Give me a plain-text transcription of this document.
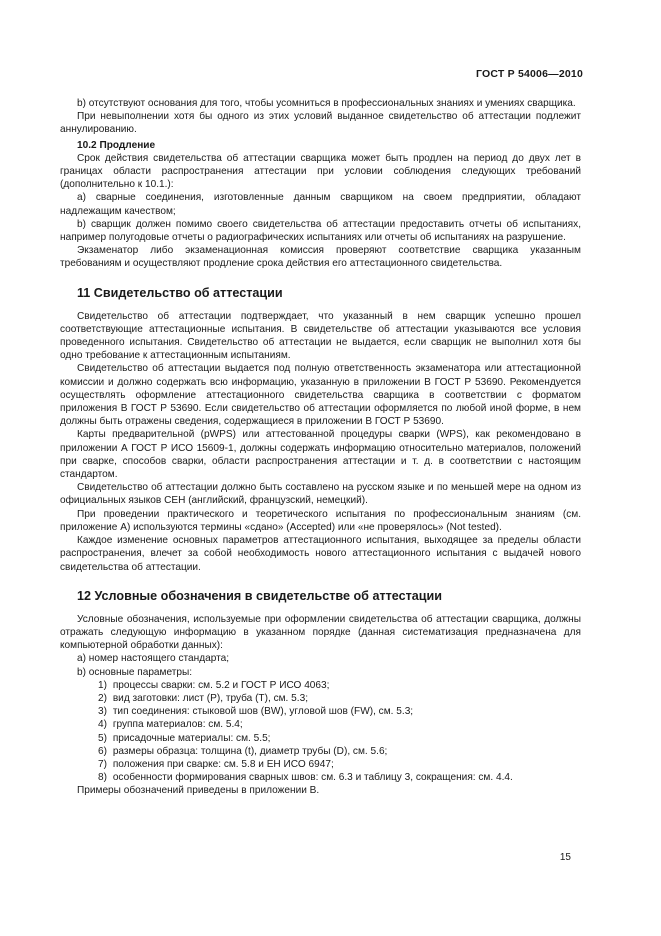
ГОСТ Р 54006—2010

b) отсутствуют основания для того, чтобы усомниться в профессиональных знаниях и умениях сварщика.

При невыполнении хотя бы одного из этих условий выданное свидетельство об аттестации подлежит аннулированию.

10.2 Продление

Срок действия свидетельства об аттестации сварщика может быть продлен на период до двух лет в границах области распространения аттестации при условии соблюдения следующих требований (дополнительно к 10.1.):

а) сварные соединения, изготовленные данным сварщиком на своем предприятии, обладают надлежащим качеством;

b) сварщик должен помимо своего свидетельства об аттестации предоставить отчеты об испытаниях, например полугодовые отчеты о радиографических испытаниях или отчеты об испытаниях на разрушение.

Экзаменатор либо экзаменационная комиссия проверяют соответствие сварщика указанным требованиям и осуществляют продление срока действия его аттестационного свидетельства.

11 Свидетельство об аттестации

Свидетельство об аттестации подтверждает, что указанный в нем сварщик успешно прошел соответствующие аттестационные испытания. В свидетельстве об аттестации указываются все условия проведенного испытания. Свидетельство об аттестации не выдается, если сварщик не выполнил хотя бы одно требование к аттестационным испытаниям.

Свидетельство об аттестации выдается под полную ответственность экзаменатора или аттестационной комиссии и должно содержать всю информацию, указанную в приложении В ГОСТ Р 53690. Рекомендуется осуществлять оформление аттестационного свидетельства сварщика в соответствии с форматом приложения В ГОСТ Р 53690. Если свидетельство об аттестации оформляется по любой иной форме, в нем должны быть отражены сведения, содержащиеся в приложении В ГОСТ Р 53690.

Карты предварительной (pWPS) или аттестованной процедуры сварки (WPS), как рекомендовано в приложении А ГОСТ Р ИСО 15609-1, должны содержать информацию относительно материалов, положений при сварке, способов сварки, области распространения аттестации и т. д. в соответствии с настоящим стандартом.

Свидетельство об аттестации должно быть составлено на русском языке и по меньшей мере на одном из официальных языков CEH (английский, французский, немецкий).

При проведении практического и теоретического испытания по профессиональным знаниям (см. приложение А) используются термины «сдано» (Accepted) или «не проверялось» (Not tested).

Каждое изменение основных параметров аттестационного испытания, выходящее за пределы области распространения, влечет за собой необходимость нового аттестационного испытания с выдачей нового свидетельства об аттестации.

12 Условные обозначения в свидетельстве об аттестации

Условные обозначения, используемые при оформлении свидетельства об аттестации сварщика, должны отражать следующую информацию в указанном порядке (данная систематизация предназначена для компьютерной обработки данных):

а) номер настоящего стандарта;

b) основные параметры:

1) процессы сварки: см. 5.2 и ГОСТ Р ИСО 4063;
2) вид заготовки: лист (Р), труба (Т), см. 5.3;
3) тип соединения: стыковой шов (BW), угловой шов (FW), см. 5.3;
4) группа материалов: см. 5.4;
5) присадочные материалы: см. 5.5;
6) размеры образца: толщина (t), диаметр трубы (D), см. 5.6;
7) положения при сварке: см. 5.8 и ЕН ИСО 6947;
8) особенности формирования сварных швов: см. 6.3 и таблицу 3, сокращения: см. 4.4.

Примеры обозначений приведены в приложении В.

15
